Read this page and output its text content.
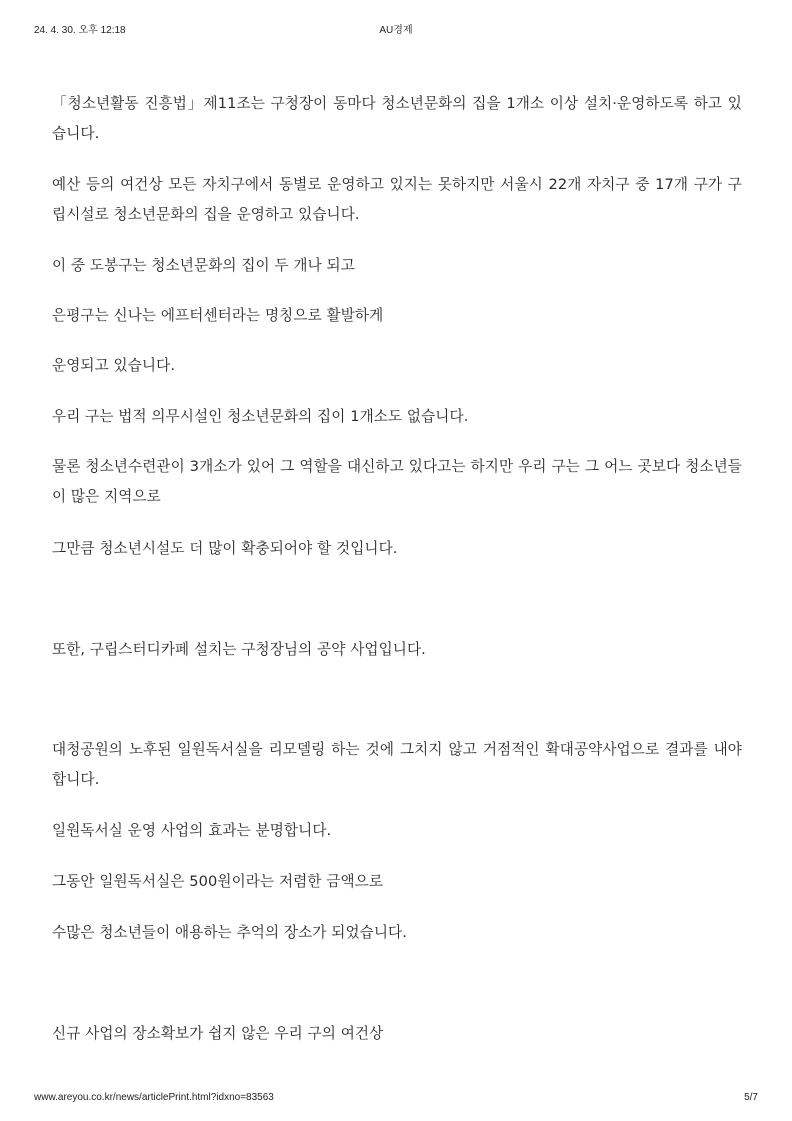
24. 4. 30. 오후 12:18	AU경제

「청소년활동 진흥법」제11조는 구청장이 동마다 청소년문화의 집을 1개소 이상 설치·운영하도록 하고 있습니다.

예산 등의 여건상 모든 자치구에서 동별로 운영하고 있지는 못하지만 서울시 22개 자치구 중 17개 구가 구립시설로 청소년문화의 집을 운영하고 있습니다.

이 중 도봉구는 청소년문화의 집이 두 개나 되고

은평구는 신나는 에프터센터라는 명칭으로 활발하게

운영되고 있습니다.

우리 구는 법적 의무시설인 청소년문화의 집이 1개소도 없습니다.

물론 청소년수련관이 3개소가 있어 그 역할을 대신하고 있다고는 하지만 우리 구는 그 어느 곳보다 청소년들이 많은 지역으로

그만큼 청소년시설도 더 많이 확충되어야 할 것입니다.

또한, 구립스터디카페 설치는 구청장님의 공약 사업입니다.

대청공원의 노후된 일원독서실을 리모델링 하는 것에 그치지 않고 거점적인 확대공약사업으로 결과를 내야 합니다.

일원독서실 운영 사업의 효과는 분명합니다.

그동안 일원독서실은 500원이라는 저렴한 금액으로

수많은 청소년들이 애용하는 추억의 장소가 되었습니다.

신규 사업의 장소확보가 쉽지 않은 우리 구의 여건상

www.areyou.co.kr/news/articlePrint.html?idxno=83563	5/7
